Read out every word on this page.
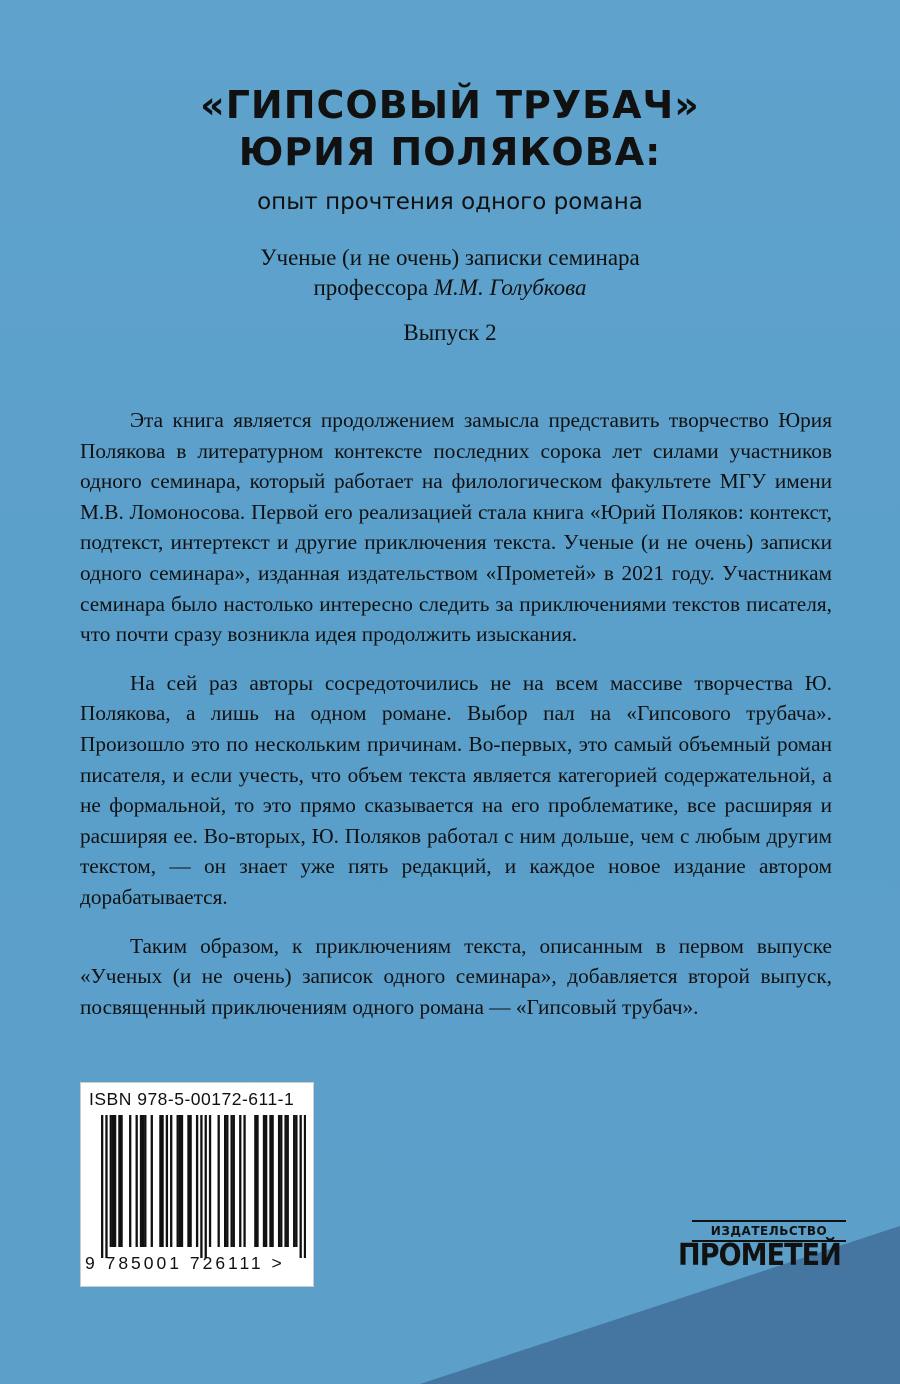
«ГИПСОВЫЙ ТРУБАЧ»
ЮРИЯ ПОЛЯКОВА:
опыт прочтения одного романа
Ученые (и не очень) записки семинара
профессора М.М. Голубкова
Выпуск 2

Эта книга является продолжением замысла представить творчество Юрия Полякова в литературном контексте последних сорока лет силами участников одного семинара, который работает на филологическом факультете МГУ имени М.В. Ломоносова. Первой его реализацией стала книга «Юрий Поляков: контекст, подтекст, интертекст и другие приключения текста. Ученые (и не очень) записки одного семинара», изданная издательством «Прометей» в 2021 году. Участникам семинара было настолько интересно следить за приключениями текстов писателя, что почти сразу возникла идея продолжить изыскания.

На сей раз авторы сосредоточились не на всем массиве творчества Ю. Полякова, а лишь на одном романе. Выбор пал на «Гипсового трубача». Произошло это по нескольким причинам. Во-первых, это самый объемный роман писателя, и если учесть, что объем текста является категорией содержательной, а не формальной, то это прямо сказывается на его проблематике, все расширяя и расширяя ее. Во-вторых, Ю. Поляков работал с ним дольше, чем с любым другим текстом, — он знает уже пять редакций, и каждое новое издание автором дорабатывается.

Таким образом, к приключениям текста, описанным в первом выпуске «Ученых (и не очень) записок одного семинара», добавляется второй выпуск, посвященный приключениям одного романа — «Гипсовый трубач».

ISBN 978-5-00172-611-1
9 785001 726111 >
ИЗДАТЕЛЬСТВО
ПРОМЕТЕЙ
